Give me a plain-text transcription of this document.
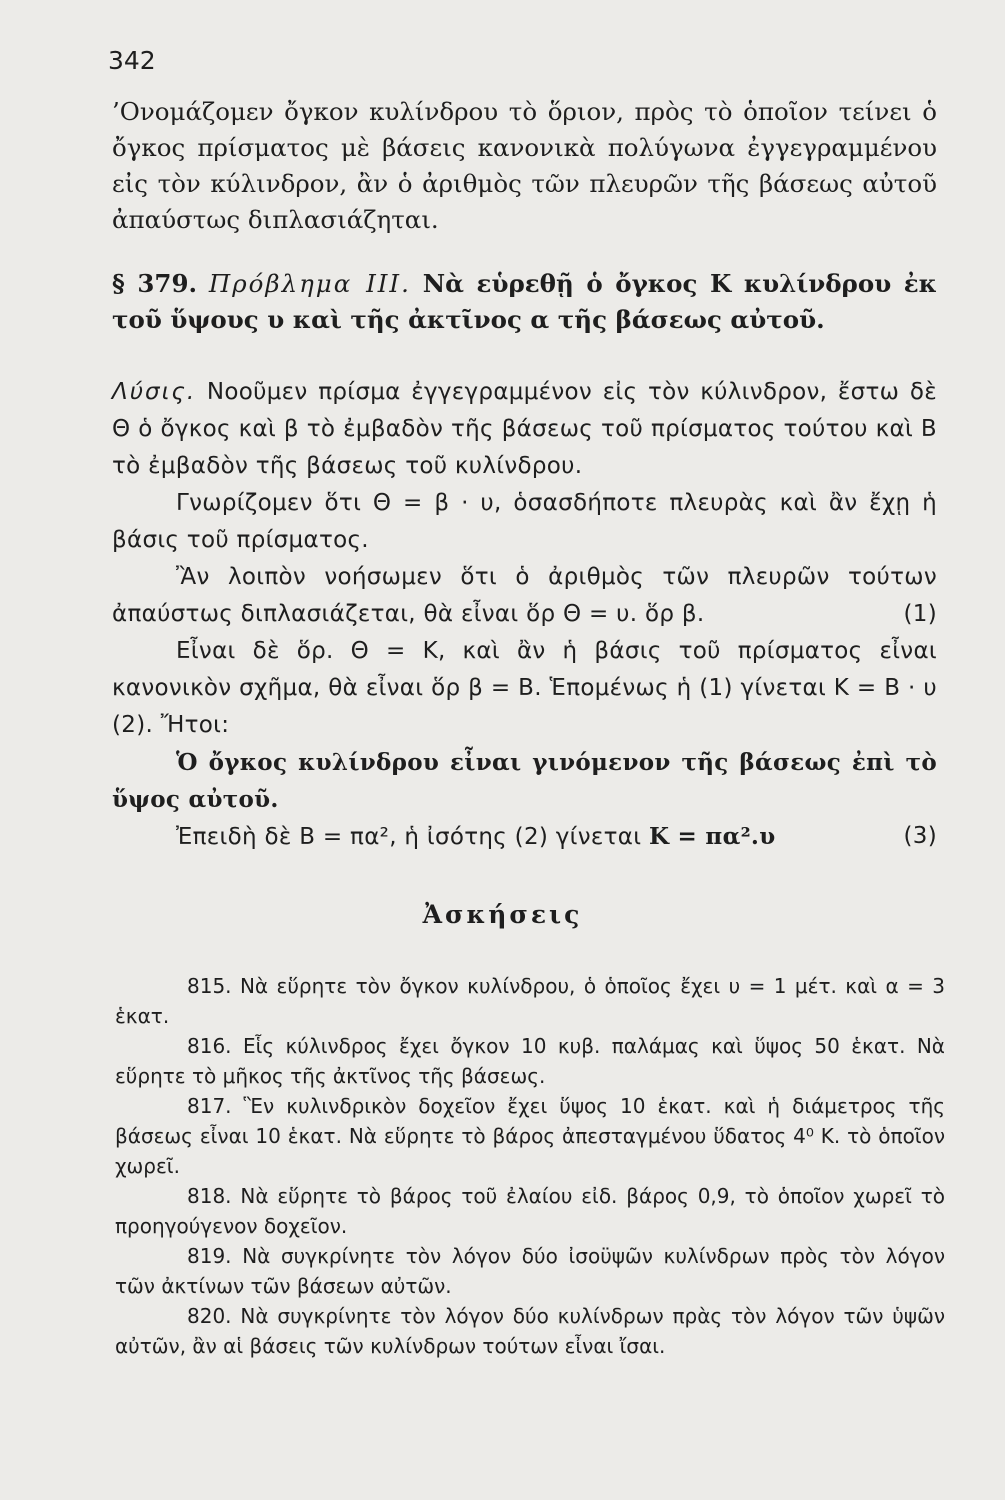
342

’Ονομάζομεν ὄγκον κυλίνδρου τὸ ὅριον, πρὸς τὸ ὁποῖον τείνει ὁ ὄγκος πρίσματος μὲ βάσεις κανονικὰ πολύγωνα ἐγγεγραμμένου εἰς τὸν κύλινδρον, ἂν ὁ ἀριθμὸς τῶν πλευρῶν τῆς βάσεως αὐτοῦ ἀπαύστως διπλασιάζηται.

§ 379. Πρόβλημα III. Νὰ εὑρεθῇ ὁ ὄγκος Κ κυλίνδρου ἐκ τοῦ ὕψους υ καὶ τῆς ἀκτῖνος α τῆς βάσεως αὐτοῦ.

Λύσις. Νοοῦμεν πρίσμα ἐγγεγραμμένον εἰς τὸν κύλινδρον, ἔστω δὲ Θ ὁ ὄγκος καὶ β τὸ ἐμβαδὸν τῆς βάσεως τοῦ πρίσματος τούτου καὶ Β τὸ ἐμβαδὸν τῆς βάσεως τοῦ κυλίνδρου.

Γνωρίζομεν ὅτι Θ = β · υ, ὁσασδήποτε πλευρὰς καὶ ἂν ἔχῃ ἡ βάσις τοῦ πρίσματος.

Ἂν λοιπὸν νοήσωμεν ὅτι ὁ ἀριθμὸς τῶν πλευρῶν τούτων ἀπαύστως διπλασιάζεται, θὰ εἶναι ὅρ Θ = υ. ὅρ β.	(1)

Εἶναι δὲ ὅρ. Θ = Κ, καὶ ἂν ἡ βάσις τοῦ πρίσματος εἶναι κανονικὸν σχῆμα, θὰ εἶναι ὅρ β = Β. Ἑπομένως ἡ (1) γίνεται Κ = Β · υ (2). Ἤτοι:

Ὁ ὄγκος κυλίνδρου εἶναι γινόμενον τῆς βάσεως ἐπὶ τὸ ὕψος αὐτοῦ.

Ἐπειδὴ δὲ Β = πα², ἡ ἰσότης (2) γίνεται Κ = πα².υ	(3)

Ἀσκήσεις

815. Νὰ εὕρητε τὸν ὄγκον κυλίνδρου, ὁ ὁποῖος ἔχει υ = 1 μέτ. καὶ α = 3 ἑκατ.

816. Εἷς κύλινδρος ἔχει ὄγκον 10 κυβ. παλάμας καὶ ὕψος 50 ἑκατ. Νὰ εὕρητε τὸ μῆκος τῆς ἀκτῖνος τῆς βάσεως.

817. Ἓν κυλινδρικὸν δοχεῖον ἔχει ὕψος 10 ἑκατ. καὶ ἡ διάμετρος τῆς βάσεως εἶναι 10 ἑκατ. Νὰ εὕρητε τὸ βάρος ἀπεσταγμένου ὕδατος 4⁰ Κ. τὸ ὁποῖον χωρεῖ.

818. Νὰ εὕρητε τὸ βάρος τοῦ ἐλαίου εἰδ. βάρος 0,9, τὸ ὁποῖον χωρεῖ τὸ προηγούγενον δοχεῖον.

819. Νὰ συγκρίνητε τὸν λόγον δύο ἰσοϋψῶν κυλίνδρων πρὸς τὸν λόγον τῶν ἀκτίνων τῶν βάσεων αὐτῶν.

820. Νὰ συγκρίνητε τὸν λόγον δύο κυλίνδρων πρὰς τὸν λόγον τῶν ὑψῶν αὐτῶν, ἂν αἱ βάσεις τῶν κυλίνδρων τούτων εἶναι ἴσαι.
